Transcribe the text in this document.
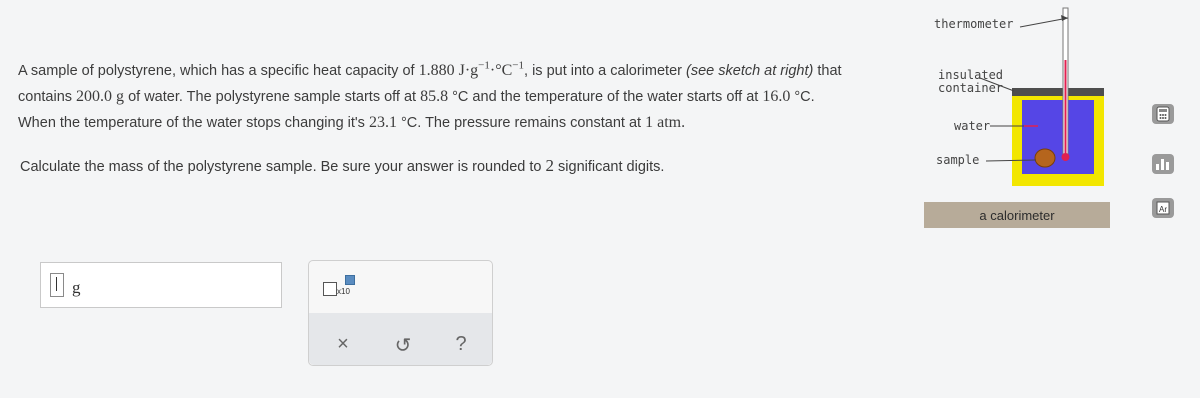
A sample of polystyrene, which has a specific heat capacity of 1.880 $J\cdot g^{-1}\cdot^\circ C^{-1}$, is put into a calorimeter (see sketch at right) that
contains 200.0 g of water. The polystyrene sample starts off at 85.8 °C and the temperature of the water starts off at 16.0 °C.
When the temperature of the water stops changing it's 23.1 °C. The pressure remains constant at 1 atm.
Calculate the mass of the polystyrene sample. Be sure your answer is rounded to 2 significant digits.
thermometer
insulated
container
water
sample
a calorimeter	Ar
g	x10
× ↺ ?
